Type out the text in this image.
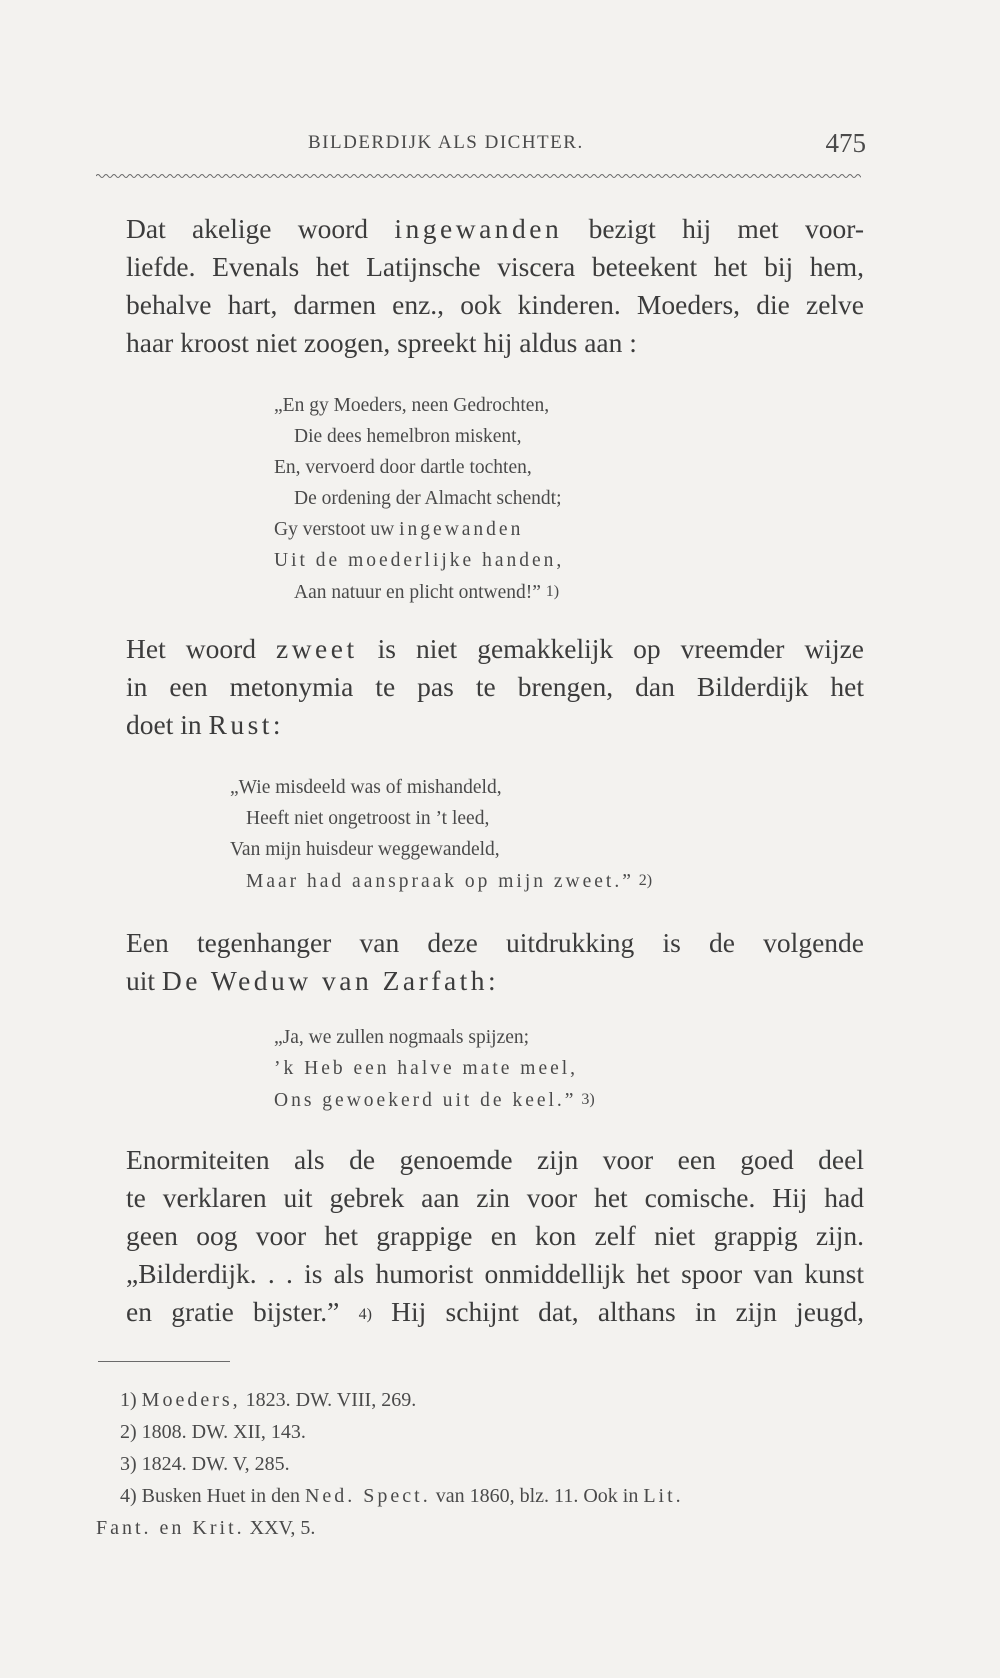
BILDERDIJK ALS DICHTER.	475
Dat akelige woord ingewanden bezigt hij met voor-
liefde. Evenals het Latijnsche viscera beteekent het bij hem,
behalve hart, darmen enz., ook kinderen. Moeders, die zelve
haar kroost niet zoogen, spreekt hij aldus aan :
„En gy Moeders, neen Gedrochten,
Die dees hemelbron miskent,
En, vervoerd door dartle tochten,
De ordening der Almacht schendt;
Gy verstoot uw ingewanden
Uit de moederlijke handen,
Aan natuur en plicht ontwend!” 1)
Het woord zweet is niet gemakkelijk op vreemder wijze
in een metonymia te pas te brengen, dan Bilderdijk het
doet in Rust:
„Wie misdeeld was of mishandeld,
Heeft niet ongetroost in ’t leed,
Van mijn huisdeur weggewandeld,
Maar had aanspraak op mijn zweet.” 2)
Een tegenhanger van deze uitdrukking is de volgende
uit De Weduw van Zarfath:
„Ja, we zullen nogmaals spijzen;
’k Heb een halve mate meel,
Ons gewoekerd uit de keel.” 3)
Enormiteiten als de genoemde zijn voor een goed deel
te verklaren uit gebrek aan zin voor het comische. Hij had
geen oog voor het grappige en kon zelf niet grappig zijn.
„Bilderdijk. . . is als humorist onmiddellijk het spoor van kunst
en gratie bijster.” 4) Hij schijnt dat, althans in zijn jeugd,
1) Moeders, 1823. DW. VIII, 269.
2) 1808. DW. XII, 143.
3) 1824. DW. V, 285.
4) Busken Huet in den Ned. Spect. van 1860, blz. 11. Ook in Lit.
Fant. en Krit. XXV, 5.
